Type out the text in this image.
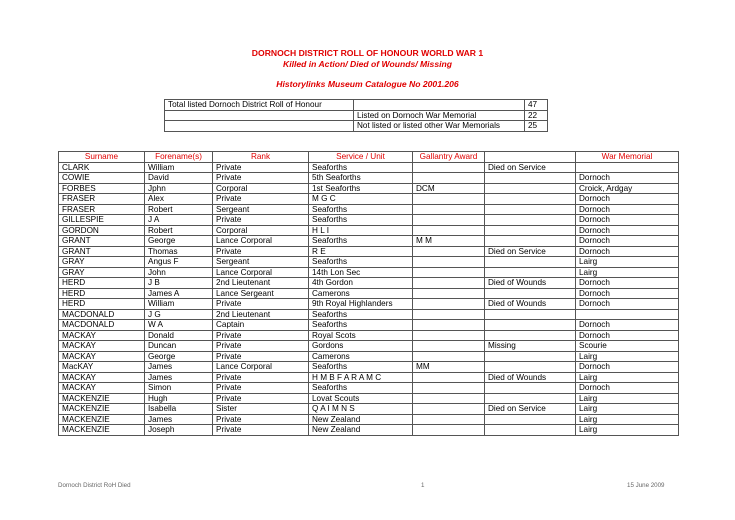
DORNOCH DISTRICT ROLL OF HONOUR WORLD WAR 1
Killed in Action/ Died of Wounds/ Missing
Historylinks Museum Catalogue No 2001.206
Total listed Dornoch District Roll of Honour		47
	Listed on Dornoch War Memorial	22
	Not listed or listed other War Memorials	25
Surname	Forename(s)	Rank	Service / Unit	Gallantry Award		War Memorial
CLARK	William	Private	Seaforths		Died on Service	
COWIE	David	Private	5th Seaforths			Dornoch
FORBES	Jphn	Corporal	1st Seaforths	DCM		Croick, Ardgay
FRASER	Alex	Private	M G C			Dornoch
FRASER	Robert	Sergeant	Seaforths			Dornoch
GILLESPIE	J A	Private	Seaforths			Dornoch
GORDON	Robert	Corporal	H L I			Dornoch
GRANT	George	Lance Corporal	Seaforths	M M		Dornoch
GRANT	Thomas	Private	R E		Died on Service	Dornoch
GRAY	Angus F	Sergeant	Seaforths			Lairg
GRAY	John	Lance Corporal	14th Lon Sec			Lairg
HERD	J B	2nd Lieutenant	4th Gordon		Died of Wounds	Dornoch
HERD	James A	Lance Sergeant	Camerons			Dornoch
HERD	William	Private	9th Royal Highlanders		Died of Wounds	Dornoch
MACDONALD	J G	2nd Lieutenant	Seaforths			
MACDONALD	W A	Captain	Seaforths			Dornoch
MACKAY	Donald	Private	Royal Scots			Dornoch
MACKAY	Duncan	Private	Gordons		Missing	Scourie
MACKAY	George	Private	Camerons			Lairg
MacKAY	James	Lance Corporal	Seaforths	MM		Dornoch
MACKAY	James	Private	H M B F A R A M C		Died of Wounds	Lairg
MACKAY	Simon	Private	Seaforths			Dornoch
MACKENZIE	Hugh	Private	Lovat Scouts			Lairg
MACKENZIE	Isabella	Sister	Q A I M N S		Died on Service	Lairg
MACKENZIE	James	Private	New Zealand			Lairg
MACKENZIE	Joseph	Private	New Zealand			Lairg
Dornoch District RoH Died	1	15 June 2009
